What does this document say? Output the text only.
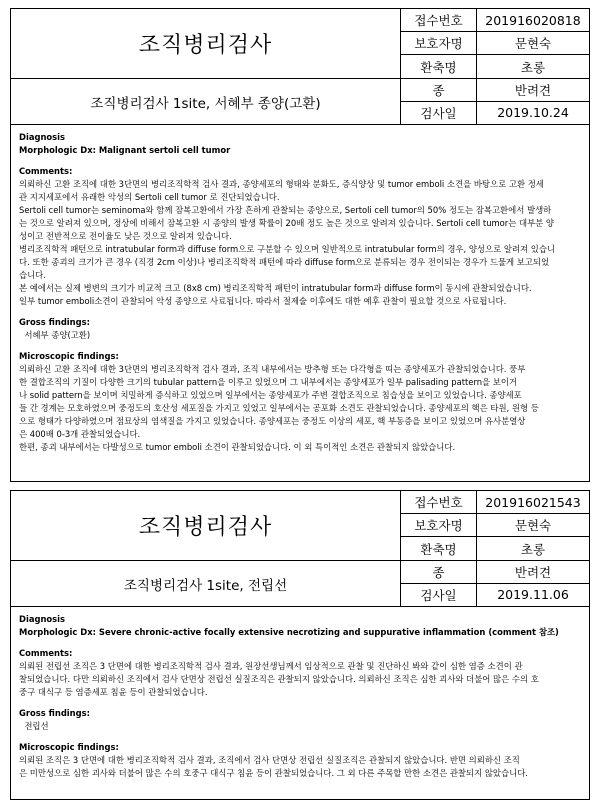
조직병리검사
조직병리검사 1site, 서혜부 종양(고환)
접수번호	201916020818
보호자명	문현숙
환축명	초롱
종	반려견
검사일	2019.10.24

Diagnosis

Morphologic Dx: Malignant sertoli cell tumor

Comments:

의뢰하신 고환 조직에 대한 3단면의 병리조직학적 검사 결과, 종양세포의 형태와 분화도, 증식양상 및 tumor emboli 소견을 바탕으로 고환 정세

관 지지세포에서 유래한 악성의 Sertoli cell tumor 로 진단되었습니다.

Sertoli cell tumor는 seminoma와 함께 잠복고환에서 가장 흔하게 관찰되는 종양으로, Sertoli cell tumor의 50% 정도는 잠복고환에서 발생하

는 것으로 알려져 있으며, 정상에 비해서 잠복고환 시 종양의 발생 확률이 20배 정도 높은 것으로 알려져 있습니다. Sertoli cell tumor는 대부분 양

성이고 전반적으로 전이율도 낮은 것으로 알려져 있습니다.

병리조직학적 패턴으로 intratubular form과 diffuse form으로 구분할 수 있으며 일반적으로 intratubular form의 경우, 양성으로 알려져 있습니

다. 또한 종괴의 크기가 큰 경우 (직경 2cm 이상)나 병리조직학적 패턴에 따라 diffuse form으로 분류되는 경우 전이되는 경우가 드물게 보고되었

습니다.

본 예에서는 실제 병변의 크기가 비교적 크고 (8x8 cm) 병리조직학적 패턴이 intratubular form과 diffuse form이 동시에 관찰되었습니다.

일부 tumor emboli소견이 관찰되어 악성 종양으로 사료됩니다. 따라서 절제술 이후에도 대한 예후 관찰이 필요할 것으로 사료됩니다.

Gross findings:
서혜부 종양(고환)

Microscopic findings:

의뢰하신 고환 조직에 대한 3단면의 병리조직학적 검사 결과, 조직 내부에서는 방추형 또는 다각형을 띠는 종양세포가 관찰되었습니다. 풍부

한 결합조직의 기질이 다양한 크기의 tubular pattern을 이루고 있었으며 그 내부에서는 종양세포가 일부 palisading pattern을 보이거

나 solid pattern을 보이며 치밀하게 증식하고 있었으며 일부에서는 종양세포가 주변 결합조직으로 침습성을 보이고 있었습니다. 종양세포

들 간 경계는 모호하였으며 중정도의 호산성 세포질을 가지고 있었고 일부에서는 공포화 소견도 관찰되었습니다. 종양세포의 핵은 타원, 원형 등

으로 형태가 다양하였으며 점묘상의 염색질을 가지고 있었습니다. 종양세포는 중정도 이상의 세포, 핵 부동증을 보이고 있었으며 유사분열상

은 400배 0-3개 관찰되었습니다.

한편, 종괴 내부에서는 다발성으로 tumor emboli 소견이 관찰되었습니다. 이 외 특이적인 소견은 관찰되지 않았습니다.

조직병리검사
조직병리검사 1site, 전립선
접수번호	201916021543
보호자명	문현숙
환축명	초롱
종	반려견
검사일	2019.11.06

Diagnosis

Morphologic Dx: Severe chronic-active focally extensive necrotizing and suppurative inflammation (comment 참조)

Comments:

의뢰된 전립선 조직은 3 단면에 대한 병리조직학적 검사 결과, 원장선생님께서 임상적으로 관찰 및 진단하신 봐와 같이 심한 염증 소견이 관

찰되었습니다. 다만 의뢰하신 조직에서 검사 단면상 전립선 실질조직은 관찰되지 않았습니다. 의뢰하신 조직은 심한 괴사와 더불어 많은 수의 호

중구 대식구 등 염증세포 침윤 등이 관찰되었습니다.

Gross findings:
전립선

Microscopic findings:

의뢰된 조직은 3 단면에 대한 병리조직학적 검사 결과, 조직에서 검사 단면상 전립선 실질조직은 관찰되지 않았습니다. 반면 의뢰하신 조직

은 미만성으로 심한 괴사와 더불어 많은 수의 호중구 대식구 침윤 등이 관찰되었습니다. 그 외 다른 주목할 만한 소견은 관찰되지 않았습니다.
